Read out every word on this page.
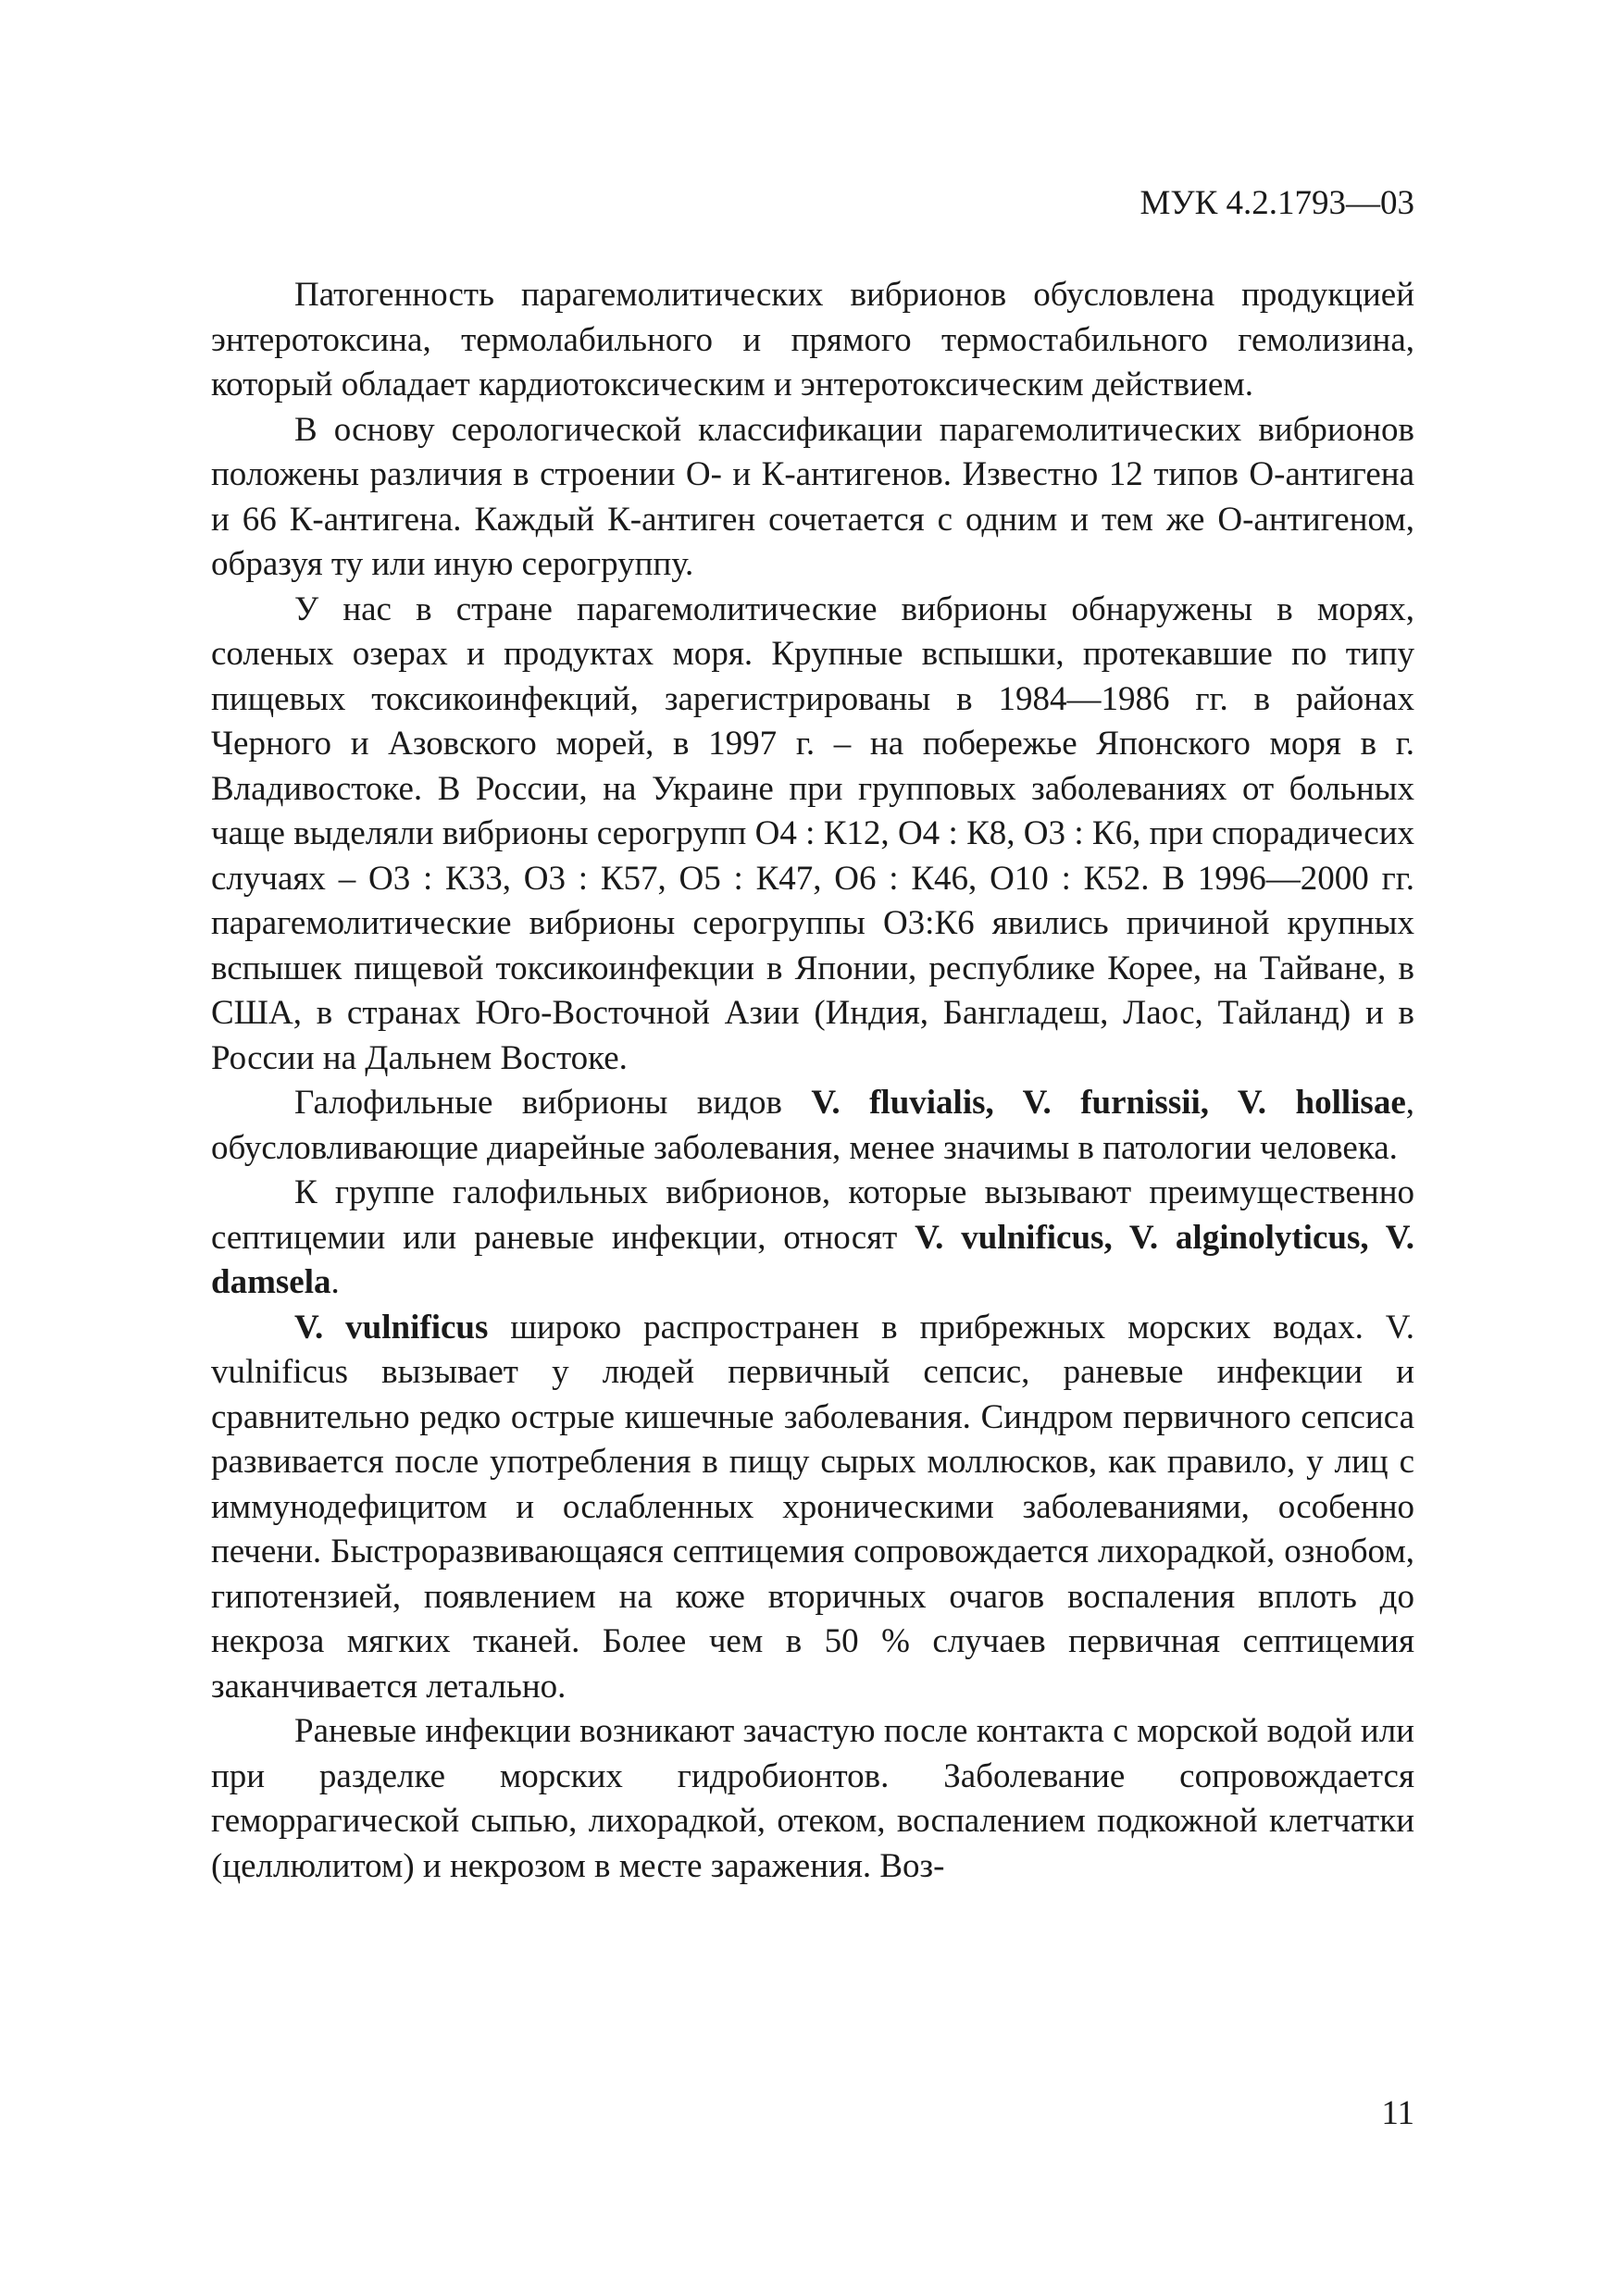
МУК 4.2.1793—03

Патогенность парагемолитических вибрионов обусловлена продукцией энтеротоксина, термолабильного и прямого термостабильного гемолизина, который обладает кардиотоксическим и энтеротоксическим действием.

В основу серологической классификации парагемолитических вибрионов положены различия в строении О- и К-антигенов. Известно 12 типов О-антигена и 66 К-антигена. Каждый К-антиген сочетается с одним и тем же О-антигеном, образуя ту или иную серогруппу.

У нас в стране парагемолитические вибрионы обнаружены в морях, соленых озерах и продуктах моря. Крупные вспышки, протекавшие по типу пищевых токсикоинфекций, зарегистрированы в 1984—1986 гг. в районах Черного и Азовского морей, в 1997 г. – на побережье Японского моря в г. Владивостоке. В России, на Украине при групповых заболеваниях от больных чаще выделяли вибрионы серогрупп О4 : К12, О4 : К8, О3 : К6, при спорадичесих случаях – О3 : К33, О3 : К57, О5 : К47, О6 : К46, О10 : К52. В 1996—2000 гг. парагемолитические вибрионы серогруппы О3:К6 явились причиной крупных вспышек пищевой токсикоинфекции в Японии, республике Корее, на Тайване, в США, в странах Юго-Восточной Азии (Индия, Бангладеш, Лаос, Тайланд) и в России на Дальнем Востоке.

Галофильные вибрионы видов V. fluvialis, V. furnissii, V. hollisae, обусловливающие диарейные заболевания, менее значимы в патологии человека.

К группе галофильных вибрионов, которые вызывают преимущественно септицемии или раневые инфекции, относят V. vulnificus, V. alginolyticus, V. damsela.

V. vulnificus широко распространен в прибрежных морских водах. V. vulnificus вызывает у людей первичный сепсис, раневые инфекции и сравнительно редко острые кишечные заболевания. Синдром первичного сепсиса развивается после употребления в пищу сырых моллюсков, как правило, у лиц с иммунодефицитом и ослабленных хроническими заболеваниями, особенно печени. Быстроразвивающаяся септицемия сопровождается лихорадкой, ознобом, гипотензией, появлением на коже вторичных очагов воспаления вплоть до некроза мягких тканей. Более чем в 50 % случаев первичная септицемия заканчивается летально.

Раневые инфекции возникают зачастую после контакта с морской водой или при разделке морских гидробионтов. Заболевание сопровождается геморрагической сыпью, лихорадкой, отеком, воспалением подкожной клетчатки (целлюлитом) и некрозом в месте заражения. Воз-

11
